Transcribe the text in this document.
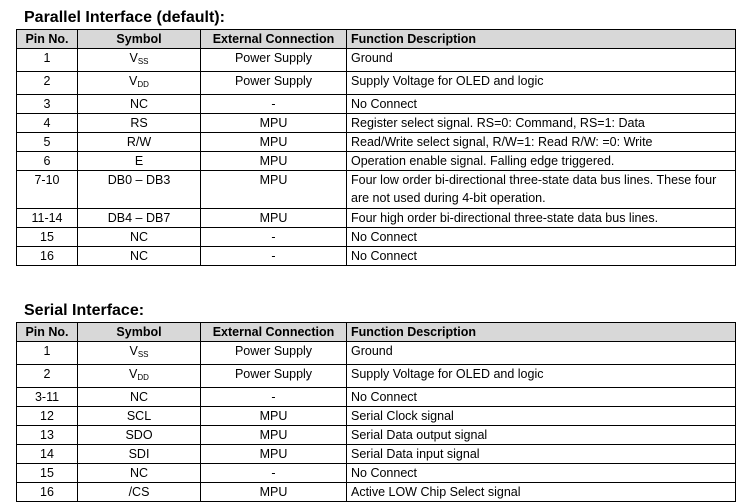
Parallel Interface (default):
Pin No.	Symbol	External Connection	Function Description
1	$V_{SS}$	Power Supply	Ground
2	$V_{DD}$	Power Supply	Supply Voltage for OLED and logic
3	NC	-	No Connect
4	RS	MPU	Register select signal. RS=0: Command, RS=1: Data
5	R/W	MPU	Read/Write select signal, R/W=1: Read R/W: =0: Write
6	E	MPU	Operation enable signal. Falling edge triggered.
7-10	DB0 – DB3	MPU	Four low order bi-directional three-state data bus lines. These four are not used during 4-bit operation.
11-14	DB4 – DB7	MPU	Four high order bi-directional three-state data bus lines.
15	NC	-	No Connect
16	NC	-	No Connect
Serial Interface:
Pin No.	Symbol	External Connection	Function Description
1	$V_{SS}$	Power Supply	Ground
2	$V_{DD}$	Power Supply	Supply Voltage for OLED and logic
3-11	NC	-	No Connect
12	SCL	MPU	Serial Clock signal
13	SDO	MPU	Serial Data output signal
14	SDI	MPU	Serial Data input signal
15	NC	-	No Connect
16	/CS	MPU	Active LOW Chip Select signal
